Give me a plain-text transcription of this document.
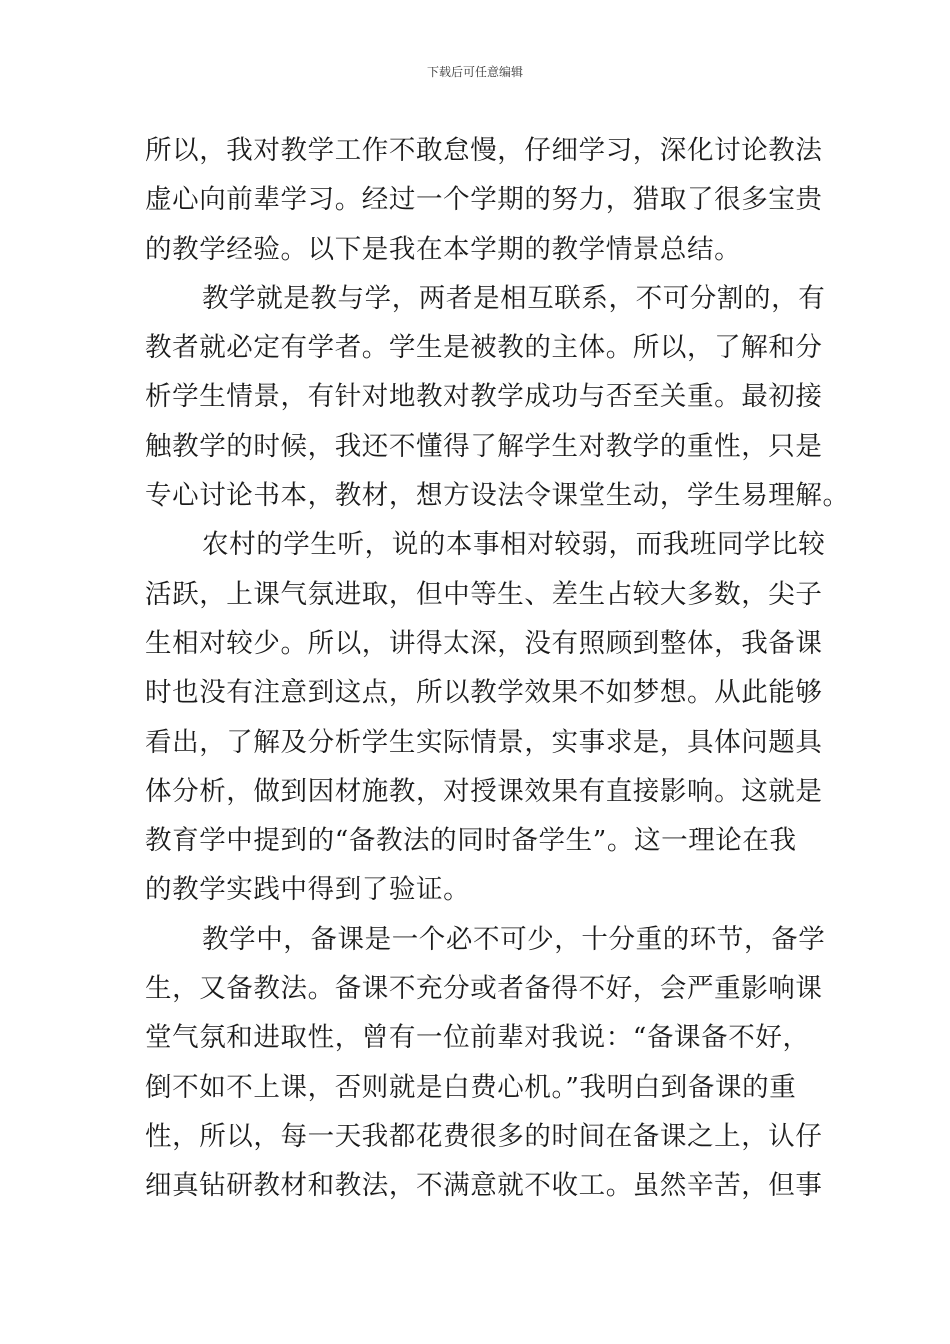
下载后可任意编辑
所以，我对教学工作不敢怠慢，仔细学习，深化讨论教法
虚心向前辈学习。经过一个学期的努力，猎取了很多宝贵
的教学经验。以下是我在本学期的教学情景总结。
教学就是教与学，两者是相互联系，不可分割的，有
教者就必定有学者。学生是被教的主体。所以，了解和分
析学生情景，有针对地教对教学成功与否至关重。最初接
触教学的时候，我还不懂得了解学生对教学的重性，只是
专心讨论书本，教材，想方设法令课堂生动，学生易理解。
农村的学生听，说的本事相对较弱，而我班同学比较
活跃，上课气氛进取，但中等生、差生占较大多数，尖子
生相对较少。所以，讲得太深，没有照顾到整体，我备课
时也没有注意到这点，所以教学效果不如梦想。从此能够
看出，了解及分析学生实际情景，实事求是，具体问题具
体分析，做到因材施教，对授课效果有直接影响。这就是
教育学中提到的“备教法的同时备学生”。这一理论在我
的教学实践中得到了验证。
教学中，备课是一个必不可少，十分重的环节，备学
生，又备教法。备课不充分或者备得不好，会严重影响课
堂气氛和进取性，曾有一位前辈对我说：“备课备不好，
倒不如不上课，否则就是白费心机。”我明白到备课的重
性，所以，每一天我都花费很多的时间在备课之上，认仔
细真钻研教材和教法，不满意就不收工。虽然辛苦，但事
